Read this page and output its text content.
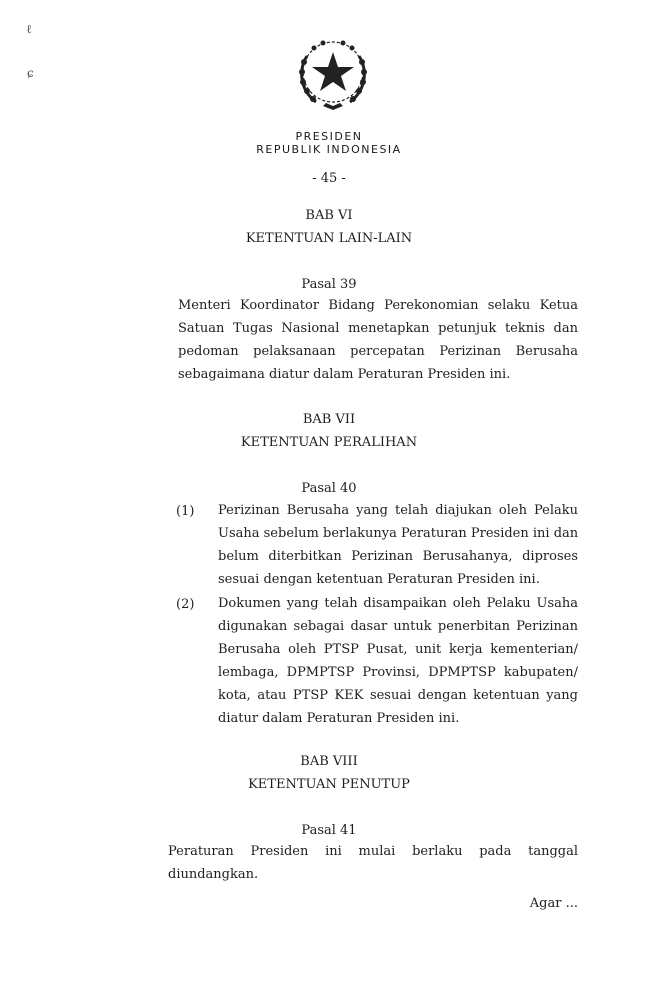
ℓ
ɕ
PRESIDEN
REPUBLIK INDONESIA
- 45 -
BAB VI
KETENTUAN LAIN-LAIN
Pasal 39
Menteri Koordinator Bidang Perekonomian selaku Ketua
Satuan Tugas Nasional menetapkan petunjuk teknis dan
pedoman pelaksanaan percepatan Perizinan Berusaha
sebagaimana diatur dalam Peraturan Presiden ini.
BAB VII
KETENTUAN PERALIHAN
Pasal 40
(1) Perizinan Berusaha yang telah diajukan oleh Pelaku
Usaha sebelum berlakunya Peraturan Presiden ini dan
belum diterbitkan Perizinan Berusahanya, diproses
sesuai dengan ketentuan Peraturan Presiden ini.
(2) Dokumen yang telah disampaikan oleh Pelaku Usaha
digunakan sebagai dasar untuk penerbitan Perizinan
Berusaha oleh PTSP Pusat, unit kerja kementerian/
lembaga, DPMPTSP Provinsi, DPMPTSP kabupaten/
kota, atau PTSP KEK sesuai dengan ketentuan yang
diatur dalam Peraturan Presiden ini.
BAB VIII
KETENTUAN PENUTUP
Pasal 41
Peraturan Presiden ini mulai berlaku pada tanggal
diundangkan.
Agar ...
